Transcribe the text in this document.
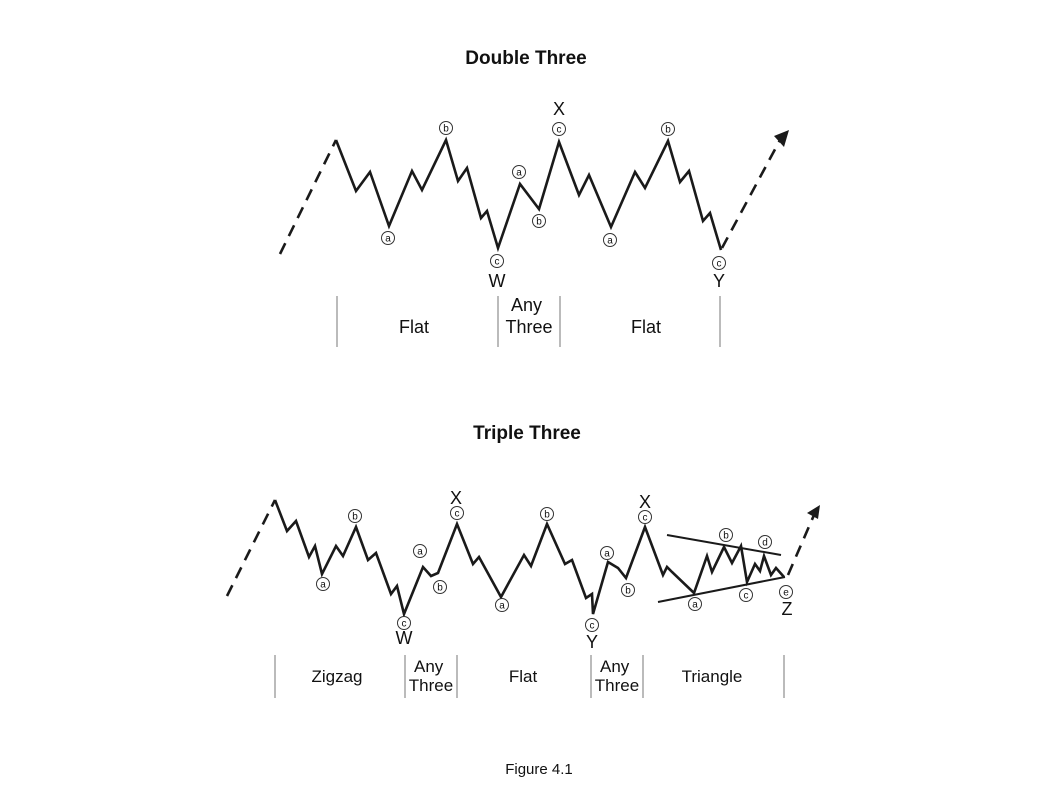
Double Three
a
b
c
a
b
c
a
b
c
W
X
Y
Flat
Any Three	Flat
Triple Three
a
b
c
a
b
c
a
b
c
a
b
c
a
b
c
d
e
W
X
Y
X
Z
Zigzag
Any Three	Flat
Any Three Triangle
Figure 4.1
